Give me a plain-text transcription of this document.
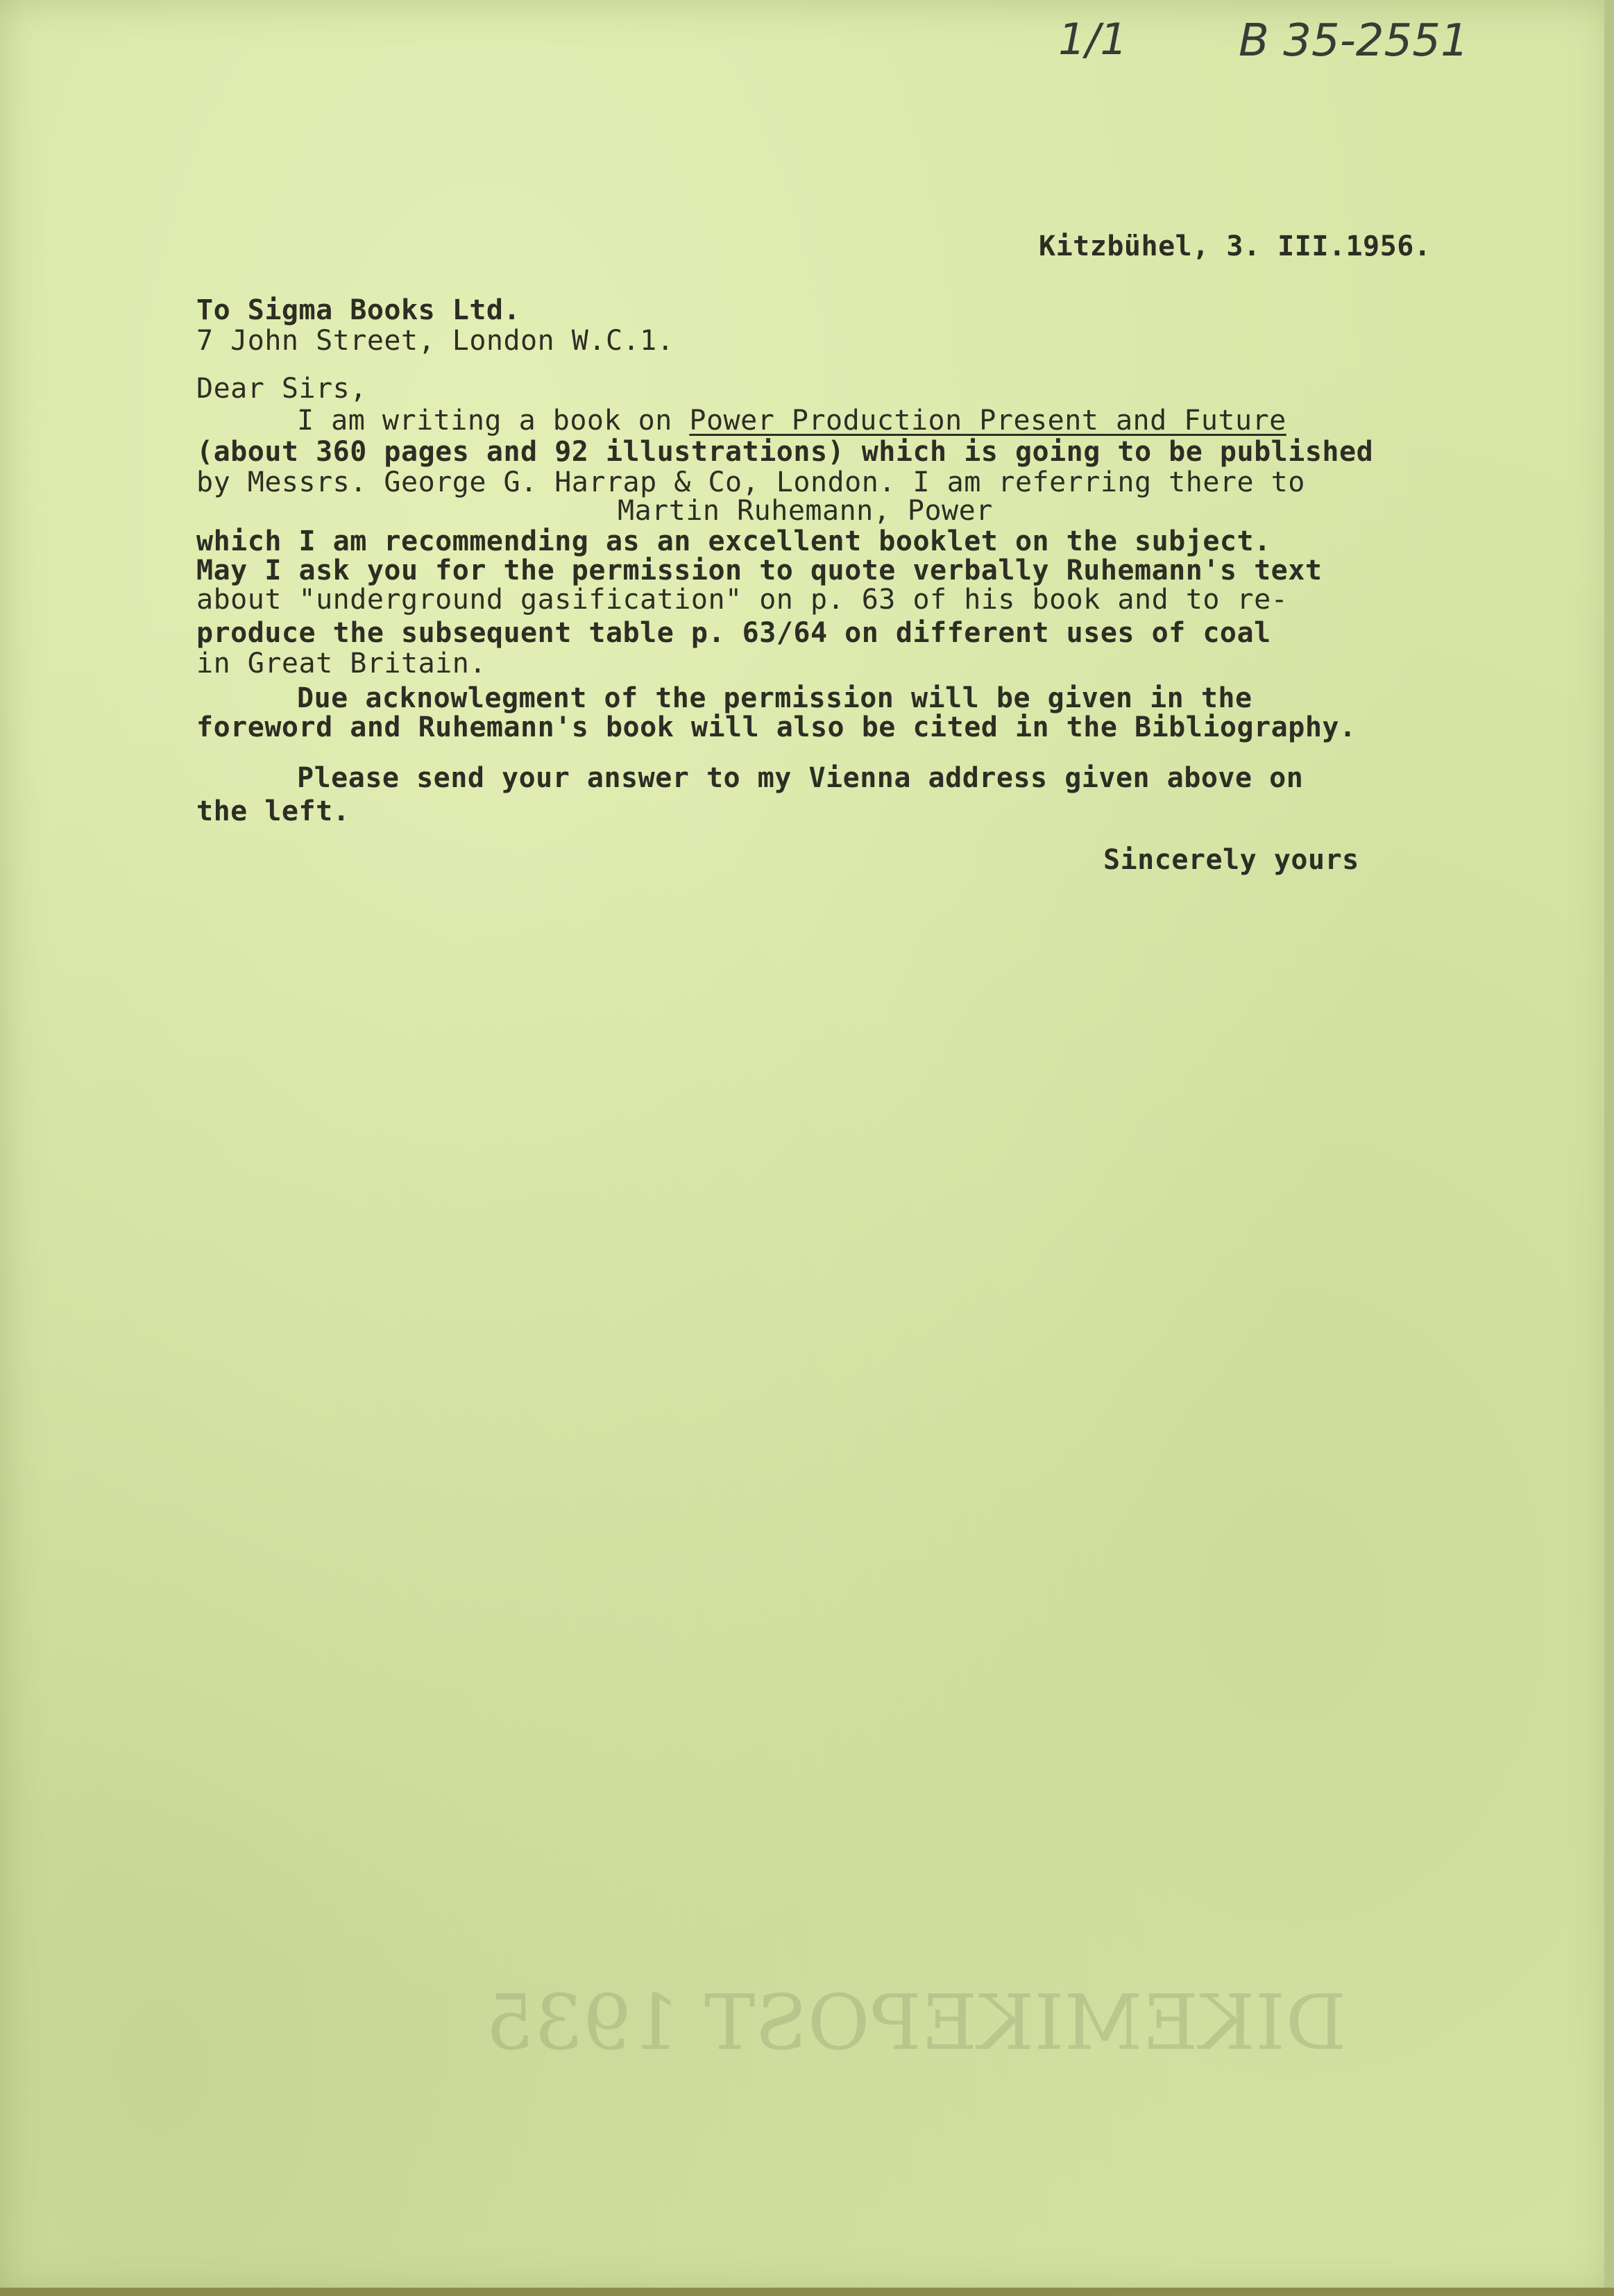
1/1	B 35-2551
Kitzbühel, 3. III.1956.
To Sigma Books Ltd.
7 John Street, London W.C.1.
Dear Sirs,

I am writing a book on Power Production Present and Future

(about 360 pages and 92 illustrations) which is going to be published

by Messrs. George G. Harrap & Co, London. I am referring there to

Martin Ruhemann, Power

which I am recommending as an excellent booklet on the subject.

May I ask you for the permission to quote verbally Ruhemann's text

about "underground gasification" on p. 63 of his book and to re-

produce the subsequent table p. 63/64 on different uses of coal

in Great Britain.

Due acknowlegment of the permission will be given in the

foreword and Ruhemann's book will also be cited in the Bibliography.

Please send your answer to my Vienna address given above on

the left.

Sincerely yours
DIKEMIKEPOST 1935
